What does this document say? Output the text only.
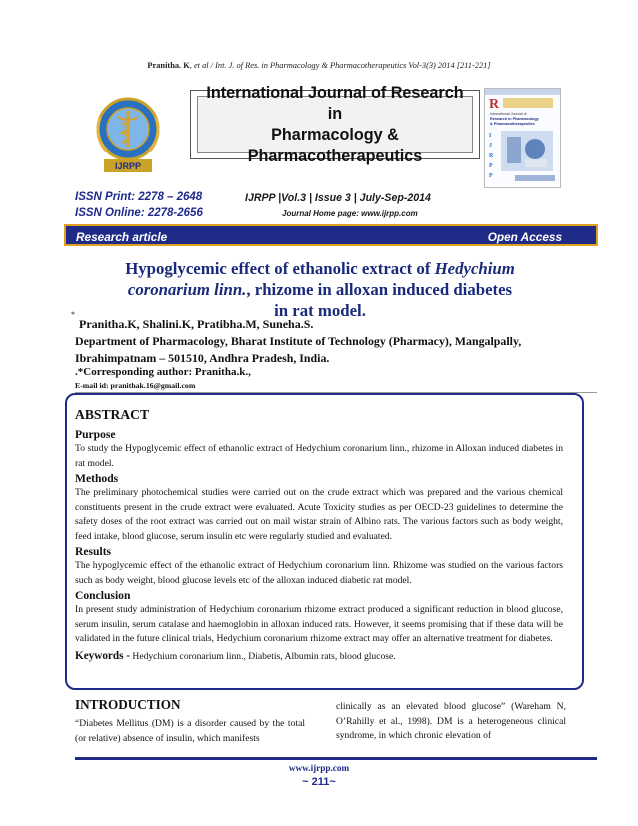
Pranitha. K, et al / Int. J. of Res. in Pharmacology & Pharmacotherapeutics Vol-3(3) 2014 [211-221]
IJRPP
International Journal of Research in
Pharmacology & Pharmacotherapeutics
R
International Journal of
Research in Pharmacology
& Pharmacotherapeutics
I
J
R
P
P
ISSN Print: 2278 – 2648
ISSN Online: 2278-2656
IJRPP |Vol.3 | Issue 3 | July-Sep-2014
Journal Home page: www.ijrpp.com
Research article	Open Access
Hypoglycemic effect of ethanolic extract of Hedychium
coronarium linn., rhizome in alloxan induced diabetes
in rat model.
*Pranitha.K, Shalini.K, Pratibha.M, Suneha.S.
Department of Pharmacology, Bharat Institute of Technology (Pharmacy), Mangalpally, Ibrahimpatnam – 501510, Andhra Pradesh, India.
.*Corresponding author: Pranitha.k.,
E-mail id: pranithak.16@gmail.com
ABSTRACT
Purpose

To study the Hypoglycemic effect of ethanolic extract of Hedychium coronarium linn., rhizome in Alloxan induced diabetes in rat model.

Methods

The preliminary photochemical studies were carried out on the crude extract which was prepared and the various chemical constituents present in the crude extract were evaluated. Acute Toxicity studies as per OECD-23 guidelines to determine the safety doses of the root extract was carried out on mail wistar strain of Albino rats. The various factors such as body weight, feed intake, blood glucose, serum insulin etc were regularly studied and evaluated.

Results

The hypoglycemic effect of the ethanolic extract of Hedychium coronarium linn. Rhizome was studied on the various factors such as body weight, blood glucose levels etc of the alloxan induced diabetic rat model.

Conclusion

In present study administration of Hedychium coronarium rhizome extract produced a significant reduction in blood glucose, serum insulin, serum catalase and haemoglobin in alloxan induced rats. However, it seems promising that if these data will be validated in the future clinical trials, Hedychium coronarium rhizome extract may offer an alternative treatment for diabetes.

Keywords - Hedychium coronarium linn., Diabetis, Albumin rats, blood glucose.

INTRODUCTION

“Diabetes Mellitus (DM) is a disorder caused by the total (or relative) absence of insulin, which manifests

clinically as an elevated blood glucose” (Wareham N, O’Rahilly et al., 1998). DM is a heterogeneous clinical syndrome, in which chronic elevation of

www.ijrpp.com
~ 211~
